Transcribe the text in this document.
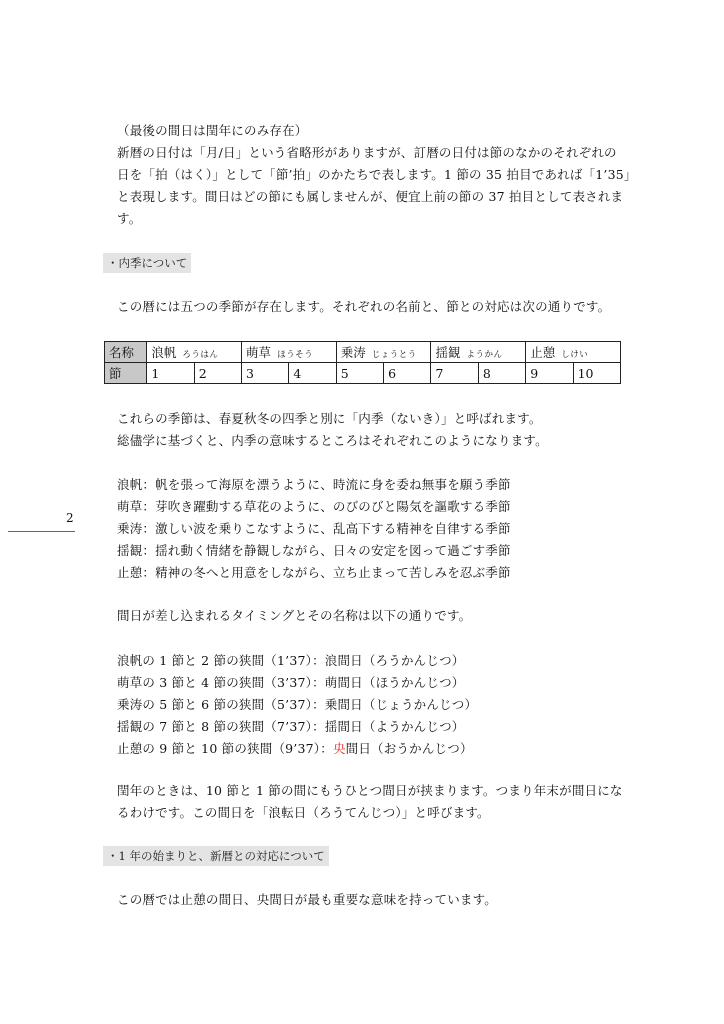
（最後の間日は閏年にのみ存在）

新暦の日付は「月/日」という省略形がありますが、訂暦の日付は節のなかのそれぞれの

日を「拍（はく）」として「節’拍」のかたちで表します。1 節の 35 拍目であれば「1’35」

と表現します。間日はどの節にも属しませんが、便宜上前の節の 37 拍目として表されま

す。

・内季について

この暦には五つの季節が存在します。それぞれの名前と、節との対応は次の通りです。

名称	浪帆 ろうはん		萌草 ほうそう		乗涛 じょうとう		揺観 ようかん		止憩 しけい	
節	1	2	3	4	5	6	7	8	9	10

これらの季節は、春夏秋冬の四季と別に「内季（ないき）」と呼ばれます。

総儘学に基づくと、内季の意味するところはそれぞれこのようになります。

浪帆：帆を張って海原を漂うように、時流に身を委ね無事を願う季節

萌草：芽吹き躍動する草花のように、のびのびと陽気を謳歌する季節

乗涛：激しい波を乗りこなすように、乱高下する精神を自律する季節

揺観：揺れ動く情緒を静観しながら、日々の安定を図って過ごす季節

止憩：精神の冬へと用意をしながら、立ち止まって苦しみを忍ぶ季節

2

間日が差し込まれるタイミングとその名称は以下の通りです。

浪帆の 1 節と 2 節の狭間（1’37）：浪間日（ろうかんじつ）

萌草の 3 節と 4 節の狭間（3’37）：萌間日（ほうかんじつ）

乗涛の 5 節と 6 節の狭間（5’37）：乗間日（じょうかんじつ）

揺観の 7 節と 8 節の狭間（7’37）：揺間日（ようかんじつ）

止憩の 9 節と 10 節の狭間（9’37）：央間日（おうかんじつ）

閏年のときは、10 節と 1 節の間にもうひとつ間日が挟まります。つまり年末が間日にな

るわけです。この間日を「浪転日（ろうてんじつ）」と呼びます。

・1 年の始まりと、新暦との対応について

この暦では止憩の間日、央間日が最も重要な意味を持っています。
